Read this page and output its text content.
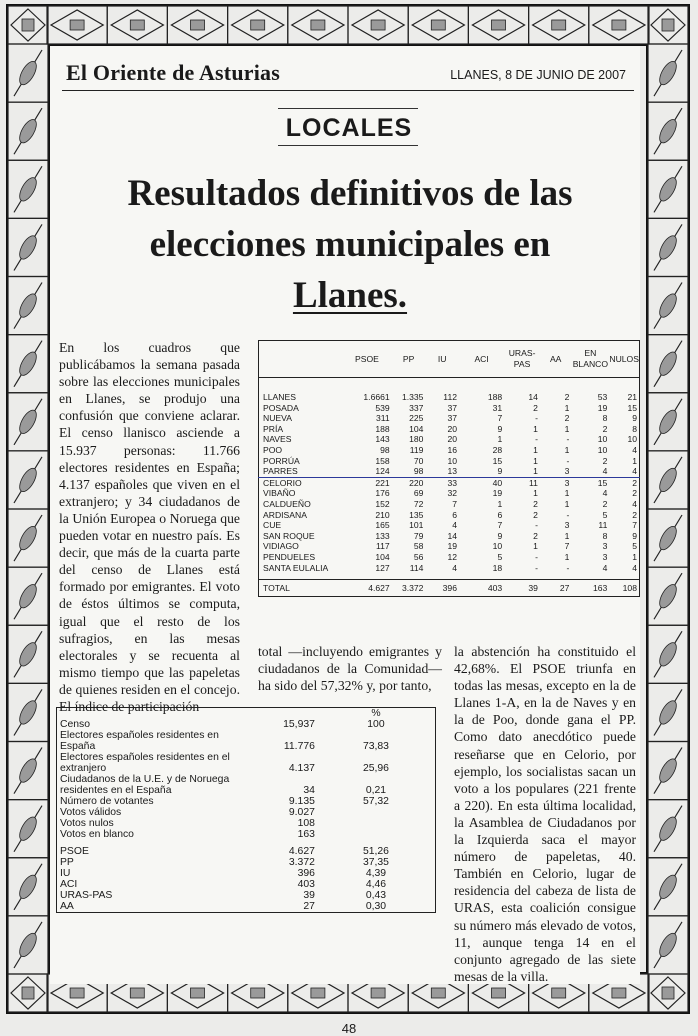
El Oriente de Asturias	LLANES, 8 DE JUNIO DE 2007
LOCALES
Resultados definitivos de las
elecciones municipales en
Llanes.
En los cuadros que publicábamos la semana pasada sobre las elecciones municipales en Llanes, se produjo una confusión que conviene aclarar. El censo llanisco asciende a 15.937 personas: 11.766 electores residentes en España; 4.137 españoles que viven en el extranjero; y 34 ciudadanos de la Unión Europea o Noruega que pueden votar en nuestro país. Es decir, que más de la cuarta parte del censo de Llanes está formado por emigrantes. El voto de éstos últimos se computa, igual que el resto de los sufragios, en las mesas electorales y se recuenta al mismo tiempo que las papeletas de quienes residen en el concejo. El índice de participación
	PSOE	PP	IU	ACI	URAS-PAS	AA	EN BLANCO	NULOS

LLANES	1.6661	1.335	112	188	14	2	53	21
POSADA	539	337	37	31	2	1	19	15
NUEVA	311	225	37	7	-	2	8	9
PRÍA	188	104	20	9	1	1	2	8
NAVES	143	180	20	1	-	-	10	10
POO	98	119	16	28	1	1	10	4
PORRÚA	158	70	10	15	1	-	2	1
PARRES	124	98	13	9	1	3	4	4
CELORIO	221	220	33	40	11	3	15	2
VIBAÑO	176	69	32	19	1	1	4	2
CALDUEÑO	152	72	7	1	2	1	2	4
ARDISANA	210	135	6	6	2	-	5	2
CUE	165	101	4	7	-	3	11	7
SAN ROQUE	133	79	14	9	2	1	8	9
VIDIAGO	117	58	19	10	1	7	3	5
PENDUELES	104	56	12	5	-	1	3	1
SANTA EULALIA	127	114	4	18	-	-	4	4

TOTAL	4.627	3.372	396	403	39	27	163	108
total —incluyendo emigrantes y ciudadanos de la Comunidad— ha sido del 57,32% y, por tanto,
la abstención ha constituido el 42,68%. El PSOE triunfa en todas las mesas, excepto en la de Llanes 1-A, en la de Naves y en la de Poo, donde gana el PP. Como dato anecdótico puede reseñarse que en Celorio, por ejemplo, los socialistas sacan un voto a los populares (221 frente a 220). En esta última localidad, la Asamblea de Ciudadanos por la Izquierda saca el mayor número de papeletas, 40. También en Celorio, lugar de residencia del cabeza de lista de URAS, esta coalición consigue su número más elevado de votos, 11, aunque tenga 14 en el conjunto agregado de las siete mesas de la villa.
		%
Censo	15,937	100
Electores españoles residentes en España	11.776	73,83
Electores españoles residentes en el extranjero	4.137	25,96
Ciudadanos de la U.E. y de Noruega residentes en el España	34	0,21
Número de votantes	9.135	57,32
Votos válidos	9.027	
Votos nulos	108	
Votos en blanco	163	

PSOE	4.627	51,26
PP	3.372	37,35
IU	396	4,39
ACI	403	4,46
URAS-PAS	39	0,43
AA	27	0,30
48
